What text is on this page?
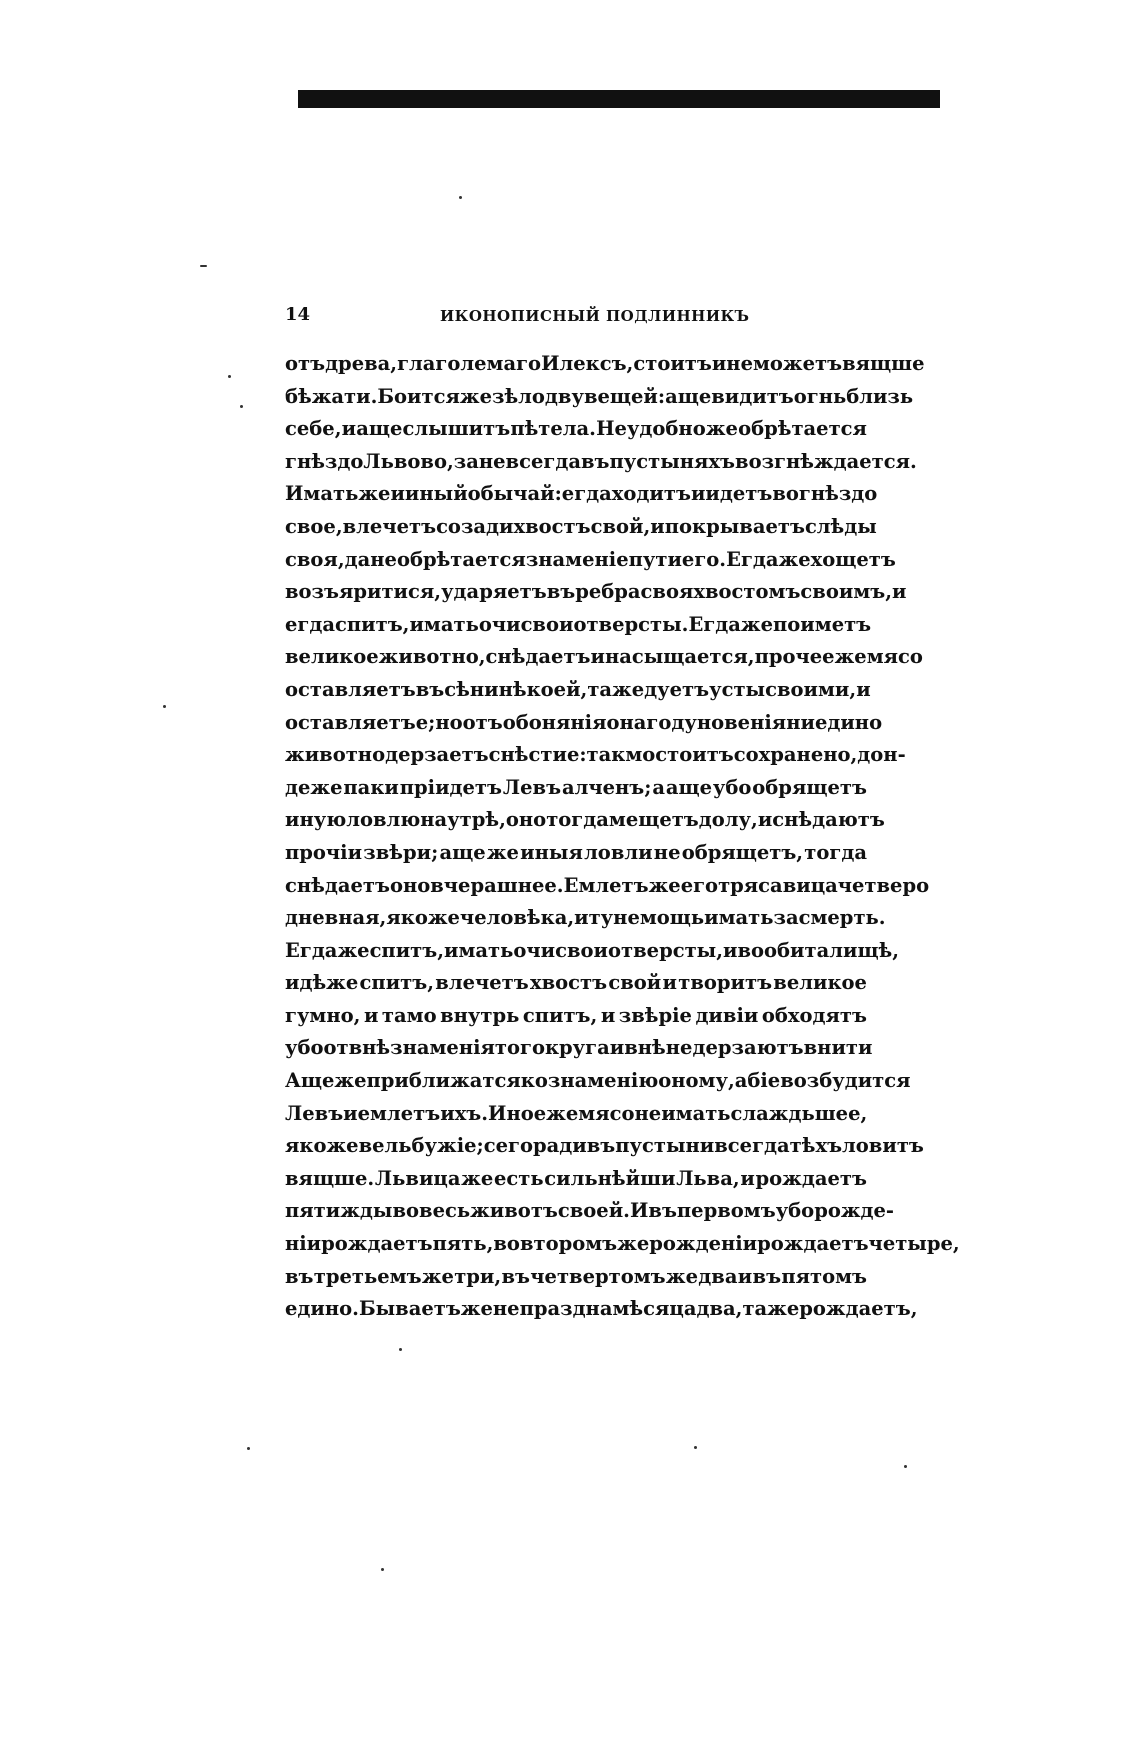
14	ИКОНОПИСНЫЙ ПОДЛИННИКЪ
отъ древа, глаголемаго Илексъ, стоитъ и не можетъ вящше
бѣжати. Боится же зѣло дву вещей: аще видитъ огнь близь
себе, и аще слышитъ пѣтела. Неудобно же обрѣтается
гнѣздо Львово, зане всегда въ пустыняхъ возгнѣждается.
Имать же и иный обычай: егда ходитъ и идетъ во гнѣздо
свое, влечетъ созади хвостъ свой, и покрываетъ слѣды
своя, да не обрѣтается знаменіе пути его. Егда же хощетъ
возъяритися, ударяетъ въ ребра своя хвостомъ своимъ, и
егда спитъ, имать очи свои отверсты. Егда же поиметъ
великое животно, снѣдаетъ и насыщается, прочее же мясо
оставляетъ въ сѣни нѣкоей, таже дуетъ усты своими, и
оставляетъ е; но отъ обонянія онаго дуновенія ни едино
животно дерзаетъ снѣсти е: такмо стоитъ сохранено, дон-
деже паки пріидетъ Левъ алченъ; а аще убо обрящетъ
иную ловлю на утрѣ, оно тогда мещетъ долу, и снѣдаютъ
прочіи звѣри; аще же иныя ловли не обрящетъ, тогда
снѣдаетъ оно вчерашнее. Емлетъ же его трясавица четверо
дневная, якоже человѣка, и ту немощь имать за смерть.
Егда же спитъ, имать очи свои отверсты, и во обиталищѣ,
идѣже спитъ, влечетъ хвостъ свой и творитъ великое
гумно, и тамо внутрь спитъ, и звѣріе дивіи обходятъ
убо отвнѣ знаменія того круга и внѣ не дерзаютъ внити
Аще же приближатся ко знаменію оному, абіе возбудится
Левъ и емлетъ ихъ. Иное же мясо не имать слаждьшее,
якоже вельбужіе; сего ради въ пустыни всегда тѣхъ ловитъ
вящше. Львица же есть сильнѣйши Льва, и рождаетъ
пятижды во весь животъ своей. И въ первомъ убо рожде-
ніи рождаетъ пять, во второмъ же рожденіи рождаетъ четыре,
въ третьемъ же три, въ четвертомъ же два и въ пятомъ
едино. Бываетъ же не праздна мѣсяца два, таже рождаетъ,
